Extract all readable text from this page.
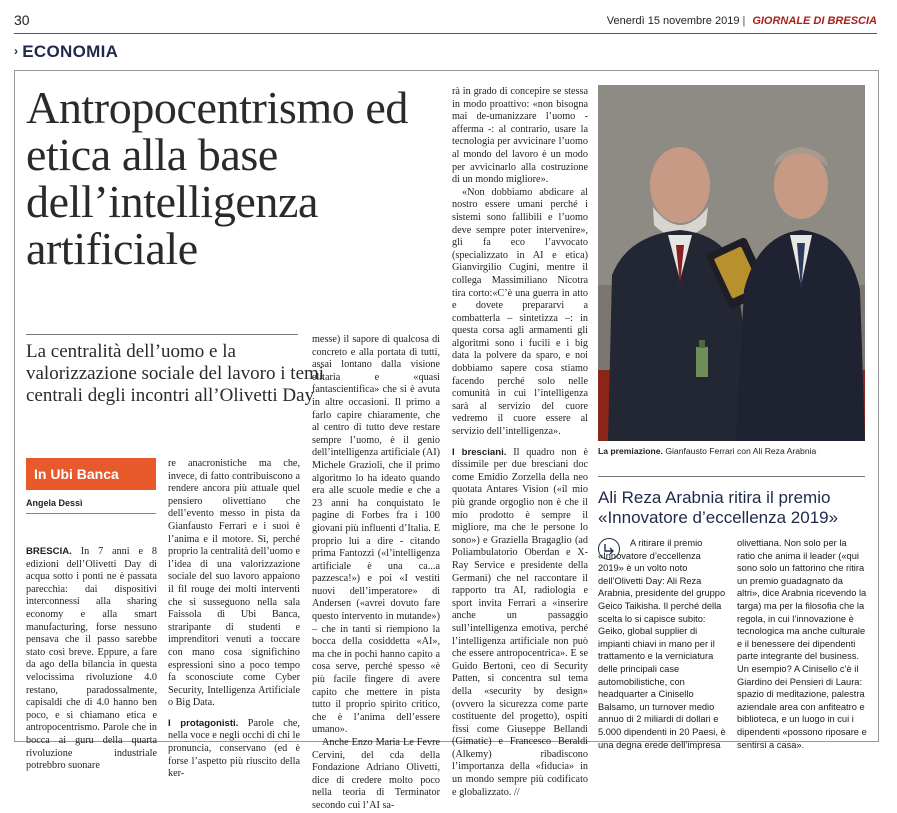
30	Venerdì 15 novembre 2019 | GIORNALE DI BRESCIA
› ECONOMIA
Antropocentrismo ed etica alla base dell’intelligenza artificiale
La centralità dell’uomo e la valorizzazione sociale del lavoro i temi centrali degli incontri all’Olivetti Day
In Ubi Banca
Angela Dessì

BRESCIA. In 7 anni e 8 edizioni dell’Olivetti Day di acqua sotto i ponti ne è passata parecchia: dai dispositivi interconnessi alla sharing economy e alla smart manufacturing, forse nessuno pensava che il passo sarebbe stato così breve. Eppure, a fare da ago della bilancia in questa velocissima rivoluzione 4.0 restano, paradossalmente, capisaldi che di 4.0 hanno ben poco, e si chiamano etica e antropocentrismo. Parole che in bocca ai guru della quarta rivoluzione industriale potrebbro suonare

re anacronistiche ma che, invece, di fatto contribuiscono a rendere ancora più attuale quel pensiero olivettiano che dell’evento messo in pista da Gianfausto Ferrari e i suoi è l’anima e il motore. Sì, perché proprio la centralità dell’uomo e l’idea di una valorizzazione sociale del suo lavoro appaiono il fil rouge dei molti interventi che si susseguono nella sala Faissola di Ubi Banca, straripante di studenti e imprenditori venuti a toccare con mano cosa significhino espressioni sino a poco tempo fa sconosciute come Cyber Security, Intelligenza Artificiale o Big Data.

I protagonisti. Parole che, nella voce e negli occhi di chi le pronuncia, conservano (ed è forse l’aspetto più riuscito della ker-

messe) il sapore di qualcosa di concreto e alla portata di tutti, assai lontano dalla visione elitaria e «quasi fantascientifica» che si è avuta in altre occasioni. Il primo a farlo capire chiaramente, che al centro di tutto deve restare sempre l’uomo, è il genio dell’intelligenza artificiale (AI) Michele Grazioli, che il primo algoritmo lo ha ideato quando era alle scuole medie e che a 23 anni ha conquistato le pagine di Forbes fra i 100 giovani più influenti d’Italia. E proprio lui a dire - citando prima Fantozzi («l’intelligenza artificiale è una ca...a pazzesca!») e poi «I vestiti nuovi dell’imperatore» di Andersen («avrei dovuto fare questo intervento in mutande») – che in tanti si riempiono la bocca della cosiddetta «AI», ma che in pochi hanno capito a cosa serve, perché spesso «è più facile fingere di avere capito che mettere in pista tutto il proprio spirito critico, che è l’anima dell’essere umano».

Anche Enzo Maria Le Fevre Cervini, del cda della Fondazione Adriano Olivetti, dice di credere molto poco nella teoria di Terminator secondo cui l’AI sa-

rà in grado di concepire se stessa in modo proattivo: «non bisogna mai de-umanizzare l’uomo - afferma -: al contrario, usare la tecnologia per avvicinare l’uomo al mondo del lavoro è un modo per avvicinarlo alla costruzione di un mondo migliore».

«Non dobbiamo abdicare al nostro essere umani perché i sistemi sono fallibili e l’uomo deve sempre poter intervenire», gli fa eco l’avvocato (specializzato in AI e etica) Gianvirgilio Cugini, mentre il collega Massimiliano Nicotra tira corto:«C’è una guerra in atto e dovete prepararvi a combatterla – sintetizza –: in questa corsa agli armamenti gli algoritmi sono i fucili e i big data la polvere da sparo, e noi dobbiamo sapere cosa stiamo facendo perché solo nelle comunità in cui l’intelligenza sarà al servizio del cuore vedremo il cuore essere al servizio dell’intelligenza».

I bresciani. Il quadro non è dissimile per due bresciani doc come Emidio Zorzella della neo quotata Antares Vision («il mio più grande orgoglio non è che il mio prodotto è sempre il migliore, ma che le persone lo sono») e Graziella Bragaglio (ad Poliambulatorio Oberdan e X-Ray Service e presidente della Germani) che nel raccontare il rapporto tra AI, radiologia e sport invita Ferrari a «inserire anche un passaggio sull’intelligenza emotiva, perché l’intelligenza artificiale non può che essere antropocentrica». E se Guido Bertoni, ceo di Security Patten, si concentra sul tema della «security by design» (ovvero la sicurezza come parte costituente del progetto), ospiti fissi come Giuseppe Bellandi (Gimatic) e Francesco Beraldi (Alkemy) ribadiscono l’importanza della «fiducia» in un mondo sempre più codificato e globalizzato. //

La premiazione. Gianfausto Ferrari con Ali Reza Arabnia
Ali Reza Arabnia ritira il premio «Innovatore d’eccellenza 2019»
A ritirare il premio «Innovatore d’eccellenza 2019» è un volto noto dell’Olivetti Day: Ali Reza Arabnia, presidente del gruppo Geico Taikisha. Il perché della scelta lo si capisce subito: Geiko, global supplier di impianti chiavi in mano per il trattamento e la verniciatura delle principali case automobilistiche, con headquarter a Cinisello Balsamo, un turnover medio annuo di 2 miliardi di dollari e 5.000 dipendenti in 20 Paesi, è una degna erede dell’impresa
olivettiana. Non solo per la ratio che anima il leader («qui sono solo un fattorino che ritira un premio guadagnato da altri», dice Arabnia ricevendo la targa) ma per la filosofia che la regola, in cui l’innovazione è tecnologica ma anche culturale e il benessere dei dipendenti parte integrante del business. Un esempio? A Cinisello c’è il Giardino dei Pensieri di Laura: spazio di meditazione, palestra aziendale area con anfiteatro e biblioteca, e un luogo in cui i dipendenti «possono riposare e sentirsi a casa».
